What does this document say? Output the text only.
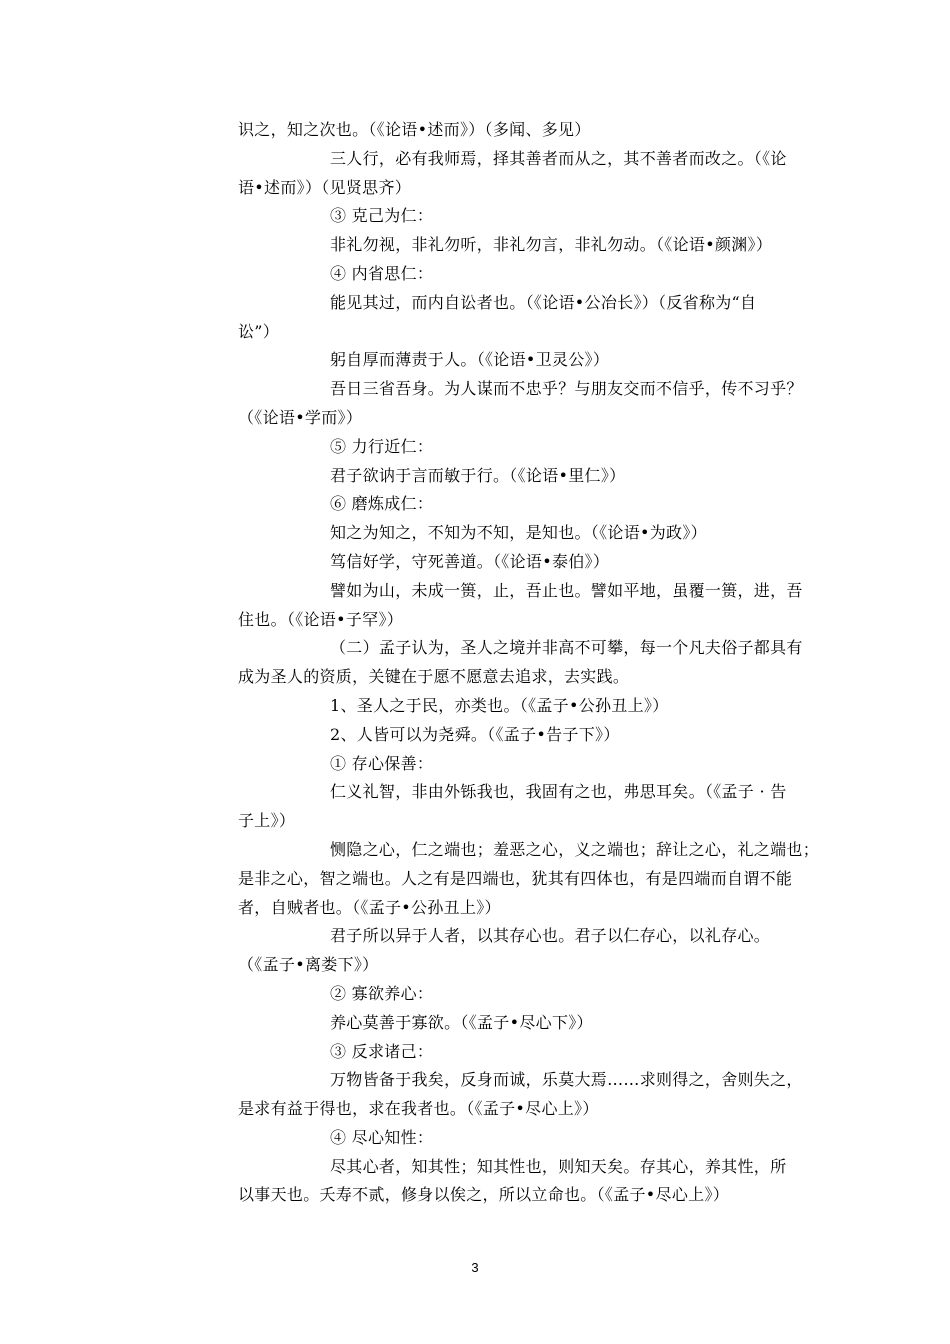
识之，知之次也。（《论语•述而》）（多闻、多见）
三人行，必有我师焉，择其善者而从之，其不善者而改之。（《论
语•述而》）（见贤思齐）
③ 克己为仁：
非礼勿视，非礼勿听，非礼勿言，非礼勿动。（《论语•颜渊》）
④ 内省思仁：
能见其过，而内自讼者也。（《论语•公冶长》）（反省称为“自
讼”）
躬自厚而薄责于人。（《论语•卫灵公》）
吾日三省吾身。为人谋而不忠乎？与朋友交而不信乎，传不习乎？
（《论语•学而》）
⑤ 力行近仁：
君子欲讷于言而敏于行。（《论语•里仁》）
⑥ 磨炼成仁：
知之为知之，不知为不知，是知也。（《论语•为政》）
笃信好学，守死善道。（《论语•泰伯》）
譬如为山，未成一篑，止，吾止也。譬如平地，虽覆一篑，进，吾
住也。（《论语•子罕》）
（二）孟子认为，圣人之境并非高不可攀，每一个凡夫俗子都具有
成为圣人的资质，关键在于愿不愿意去追求，去实践。
1、圣人之于民，亦类也。（《孟子•公孙丑上》）
2、人皆可以为尧舜。（《孟子•告子下》）
① 存心保善：
仁义礼智，非由外铄我也，我固有之也，弗思耳矣。（《孟子 · 告
子上》）
恻隐之心，仁之端也；羞恶之心，义之端也；辞让之心，礼之端也；
是非之心，智之端也。人之有是四端也，犹其有四体也，有是四端而自谓不能
者，自贼者也。（《孟子•公孙丑上》）
君子所以异于人者，以其存心也。君子以仁存心，以礼存心。
（《孟子•离娄下》）
② 寡欲养心：
养心莫善于寡欲。（《孟子•尽心下》）
③ 反求诸己：
万物皆备于我矣，反身而诚，乐莫大焉……求则得之，舍则失之，
是求有益于得也，求在我者也。（《孟子•尽心上》）
④ 尽心知性：
尽其心者，知其性；知其性也，则知天矣。存其心，养其性，所
以事天也。夭寿不贰，修身以俟之，所以立命也。（《孟子•尽心上》）
3
